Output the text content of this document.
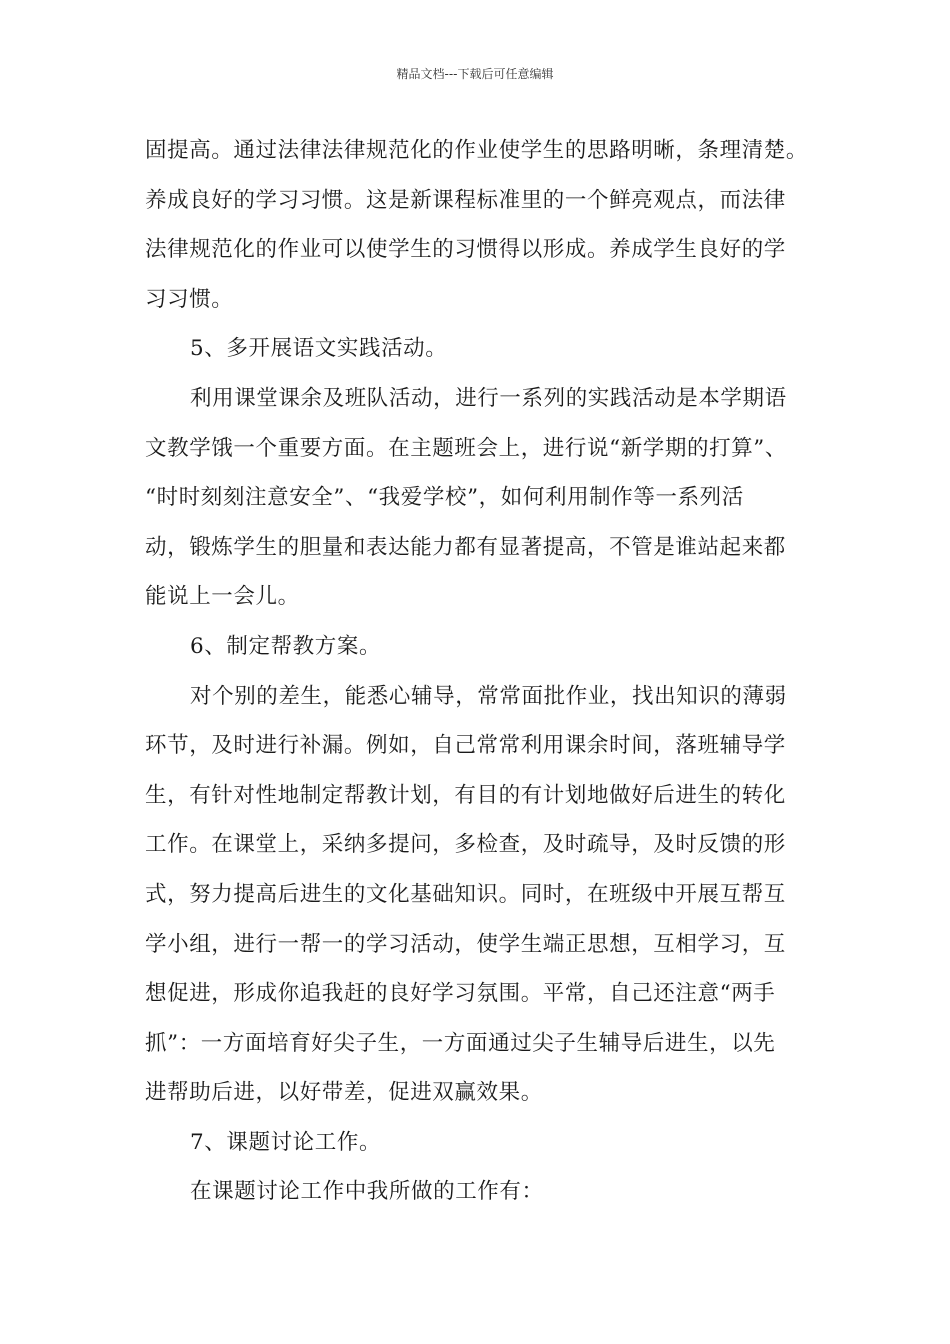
精品文档---下载后可任意编辑
固提高。通过法律法律规范化的作业使学生的思路明晰，条理清楚。
养成良好的学习习惯。这是新课程标准里的一个鲜亮观点，而法律
法律规范化的作业可以使学生的习惯得以形成。养成学生良好的学
习习惯。
5、多开展语文实践活动。
利用课堂课余及班队活动，进行一系列的实践活动是本学期语
文教学饿一个重要方面。在主题班会上，进行说“新学期的打算”、
“时时刻刻注意安全”、“我爱学校”，如何利用制作等一系列活
动，锻炼学生的胆量和表达能力都有显著提高，不管是谁站起来都
能说上一会儿。
6、制定帮教方案。
对个别的差生，能悉心辅导，常常面批作业，找出知识的薄弱
环节，及时进行补漏。例如，自己常常利用课余时间，落班辅导学
生，有针对性地制定帮教计划，有目的有计划地做好后进生的转化
工作。在课堂上，采纳多提问，多检查，及时疏导，及时反馈的形
式，努力提高后进生的文化基础知识。同时，在班级中开展互帮互
学小组，进行一帮一的学习活动，使学生端正思想，互相学习，互
想促进，形成你追我赶的良好学习氛围。平常，自己还注意“两手
抓”：一方面培育好尖子生，一方面通过尖子生辅导后进生，以先
进帮助后进，以好带差，促进双赢效果。
7、课题讨论工作。
在课题讨论工作中我所做的工作有：
